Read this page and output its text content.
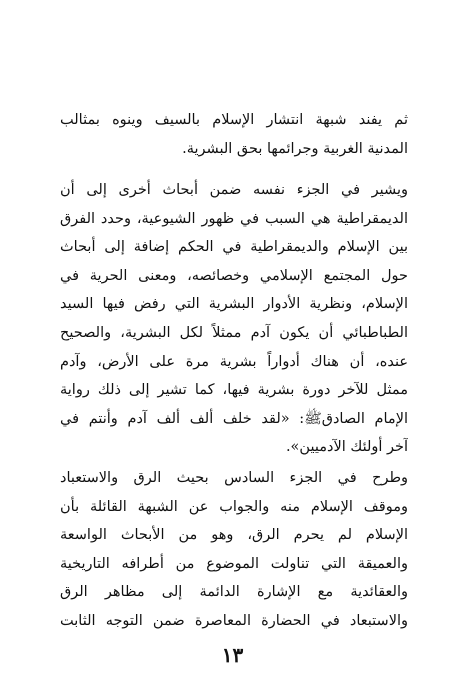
ثم يفند شبهة انتشار الإسلام بالسيف وينوه بمثالب
المدنية الغربية وجرائمها بحق البشرية.
ويشير في الجزء نفسه ضمن أبحاث أخرى إلى أن
الديمقراطية هي السبب في ظهور الشيوعية، وحدد الفرق
بين الإسلام والديمقراطية في الحكم إضافة إلى أبحاث
حول المجتمع الإسلامي وخصائصه، ومعنى الحرية في
الإسلام، ونظرية الأدوار البشرية التي رفض فيها السيد
الطباطبائي أن يكون آدم ممثلاً لكل البشرية، والصحيح
عنده، أن هناك أدواراً بشرية مرة على الأرض، وآدم
ممثل للآخر دورة بشرية فيها، كما تشير إلى ذلك رواية
الإمام الصادقﷺ: «لقد خلف ألف ألف آدم وأنتم في
آخر أولئك الآدميين».
وطرح في الجزء السادس بحيث الرق والاستعباد
وموقف الإسلام منه والجواب عن الشبهة القائلة بأن
الإسلام لم يحرم الرق، وهو من الأبحاث الواسعة
والعميقة التي تناولت الموضوع من أطرافه التاريخية
والعقائدية مع الإشارة الدائمة إلى مظاهر الرق
والاستبعاد في الحضارة المعاصرة ضمن التوجه الثابت
١٣
